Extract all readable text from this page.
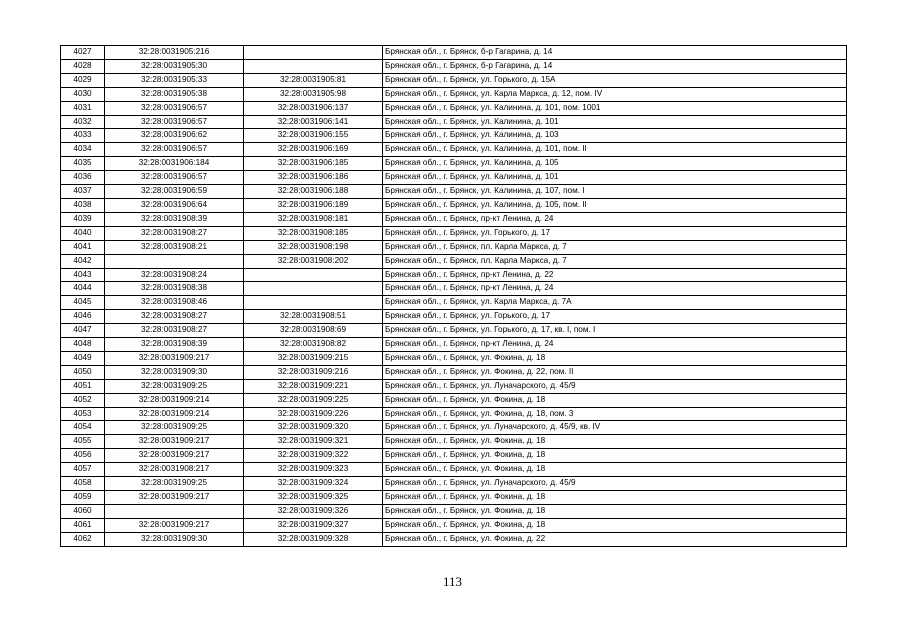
4027	32:28:0031905:216		Брянская обл., г. Брянск, б-р Гагарина, д. 14
4028	32:28:0031905:30		Брянская обл., г. Брянск, б-р Гагарина, д. 14
4029	32:28:0031905:33	32:28:0031905:81	Брянская обл., г. Брянск, ул. Горького, д. 15А
4030	32:28:0031905:38	32:28:0031905:98	Брянская обл., г. Брянск, ул. Карла Маркса, д. 12, пом. IV
4031	32:28:0031906:57	32:28:0031906:137	Брянская обл., г. Брянск, ул. Калинина, д. 101, пом. 1001
4032	32:28:0031906:57	32:28:0031906:141	Брянская обл., г. Брянск, ул. Калинина, д. 101
4033	32:28:0031906:62	32:28:0031906:155	Брянская обл., г. Брянск, ул. Калинина, д. 103
4034	32:28:0031906:57	32:28:0031906:169	Брянская обл., г. Брянск, ул. Калинина, д. 101, пом. II
4035	32:28:0031906:184	32:28:0031906:185	Брянская обл., г. Брянск, ул. Калинина, д. 105
4036	32:28:0031906:57	32:28:0031906:186	Брянская обл., г. Брянск, ул. Калинина, д. 101
4037	32:28:0031906:59	32:28:0031906:188	Брянская обл., г. Брянск, ул. Калинина, д. 107, пом. I
4038	32:28:0031906:64	32:28:0031906:189	Брянская обл., г. Брянск, ул. Калинина, д. 105, пом. II
4039	32:28:0031908:39	32:28:0031908:181	Брянская обл., г. Брянск, пр-кт Ленина, д. 24
4040	32:28:0031908:27	32:28:0031908:185	Брянская обл., г. Брянск, ул. Горького, д. 17
4041	32:28:0031908:21	32:28:0031908:198	Брянская обл., г. Брянск, пл. Карла Маркса, д. 7
4042		32:28:0031908:202	Брянская обл., г. Брянск, пл. Карла Маркса, д. 7
4043	32:28:0031908:24		Брянская обл., г. Брянск, пр-кт Ленина, д. 22
4044	32:28:0031908:38		Брянская обл., г. Брянск, пр-кт Ленина, д. 24
4045	32:28:0031908:46		Брянская обл., г. Брянск, ул. Карла Маркса, д. 7А
4046	32:28:0031908:27	32:28:0031908:51	Брянская обл., г. Брянск, ул. Горького, д. 17
4047	32:28:0031908:27	32:28:0031908:69	Брянская обл., г. Брянск, ул. Горького, д. 17, кв. I, пом. I
4048	32:28:0031908:39	32:28:0031908:82	Брянская обл., г. Брянск, пр-кт Ленина, д. 24
4049	32:28:0031909:217	32:28:0031909:215	Брянская обл., г. Брянск, ул. Фокина, д. 18
4050	32:28:0031909:30	32:28:0031909:216	Брянская обл., г. Брянск, ул. Фокина, д. 22, пом. II
4051	32:28:0031909:25	32:28:0031909:221	Брянская обл., г. Брянск, ул. Луначарского, д. 45/9
4052	32:28:0031909:214	32:28:0031909:225	Брянская обл., г. Брянск, ул. Фокина, д. 18
4053	32:28:0031909:214	32:28:0031909:226	Брянская обл., г. Брянск, ул. Фокина, д. 18, пом. 3
4054	32:28:0031909:25	32:28:0031909:320	Брянская обл., г. Брянск, ул. Луначарского, д. 45/9, кв. IV
4055	32:28:0031909:217	32:28:0031909:321	Брянская обл., г. Брянск, ул. Фокина, д. 18
4056	32:28:0031909:217	32:28:0031909:322	Брянская обл., г. Брянск, ул. Фокина, д. 18
4057	32:28:0031908:217	32:28:0031909:323	Брянская обл., г. Брянск, ул. Фокина, д. 18
4058	32:28:0031909:25	32:28:0031909:324	Брянская обл., г. Брянск, ул. Луначарского, д. 45/9
4059	32:28:0031909:217	32:28:0031909:325	Брянская обл., г. Брянск, ул. Фокина, д. 18
4060		32:28:0031909:326	Брянская обл., г. Брянск, ул. Фокина, д. 18
4061	32:28:0031909:217	32:28:0031909:327	Брянская обл., г. Брянск, ул. Фокина, д. 18
4062	32:28:0031909:30	32:28:0031909:328	Брянская обл., г. Брянск, ул. Фокина, д. 22
113
